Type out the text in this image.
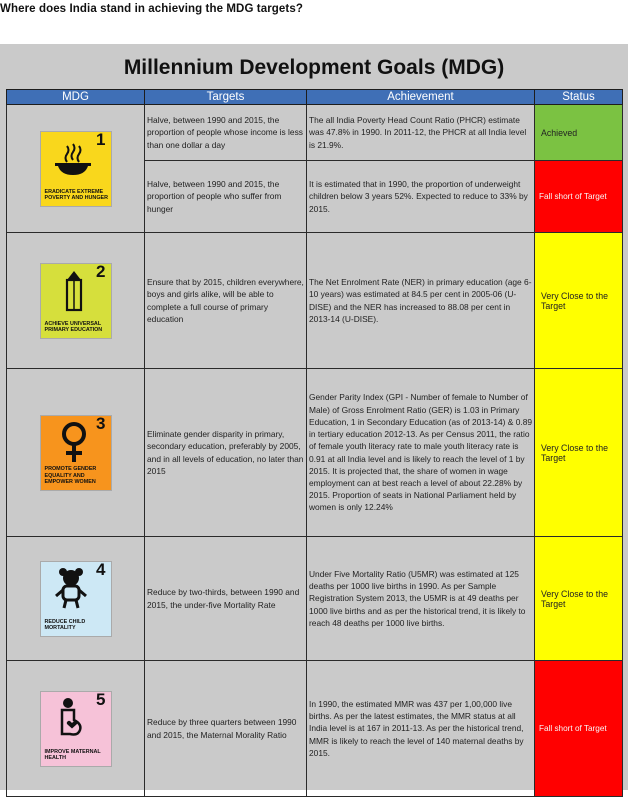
Where does India stand in achieving the MDG targets?
Millennium Development Goals (MDG)
MDG	Targets	Achievement	Status

1
ERADICATE EXTREME POVERTY AND HUNGER	Halve, between 1990 and 2015, the proportion of people whose income is less than one dollar a day	The all India Poverty Head Count Ratio (PHCR) estimate was 47.8% in 1990. In 2011-12, the PHCR at all India level is 21.9%.	Achieved
	Halve, between 1990 and 2015, the proportion of people who suffer from hunger	It is estimated that in 1990, the proportion of underweight children below 3 years 52%. Expected to reduce to 33% by 2015.	Fall short of Target

2
ACHIEVE UNIVERSAL PRIMARY EDUCATION	Ensure that by 2015, children everywhere, boys and girls alike, will be able to complete a full course of primary education	The Net Enrolment Rate (NER) in primary education (age 6-10 years) was estimated at 84.5 per cent in 2005-06 (U-DISE) and the NER has increased to 88.08 per cent in 2013-14 (U-DISE).	Very Close to the Target

3
PROMOTE GENDER EQUALITY AND EMPOWER WOMEN	Eliminate gender disparity in primary, secondary education, preferably by 2005, and in all levels of education, no later than 2015	Gender Parity Index (GPI - Number of female to Number of Male) of Gross Enrolment Ratio (GER) is 1.03 in Primary Education, 1 in Secondary Education (as of 2013-14) & 0.89 in tertiary education 2012-13. As per Census 2011, the ratio of female youth literacy rate to male youth literacy rate is 0.91 at all India level and is likely to reach the level of 1 by 2015. It is projected that, the share of women in wage employment can at best reach a level of about 22.28% by 2015. Proportion of seats in National Parliament held by women is only 12.24%	Very Close to the Target

4
REDUCE CHILD MORTALITY	Reduce by two-thirds, between 1990 and 2015, the under-five Mortality Rate	Under Five Mortality Ratio (U5MR) was estimated at 125 deaths per 1000 live births in 1990. As per Sample Registration System 2013, the U5MR is at 49 deaths per 1000 live births and as per the historical trend, it is likely to reach 48 deaths per 1000 live births.	Very Close to the Target

5
IMPROVE MATERNAL HEALTH	Reduce by three quarters between 1990 and 2015, the Maternal Morality Ratio	In 1990, the estimated MMR was 437 per 1,00,000 live births. As per the latest estimates, the MMR status at all India level is at 167 in 2011-13. As per the historical trend, MMR is likely to reach the level of 140 maternal deaths by 2015.	Fall short of Target
